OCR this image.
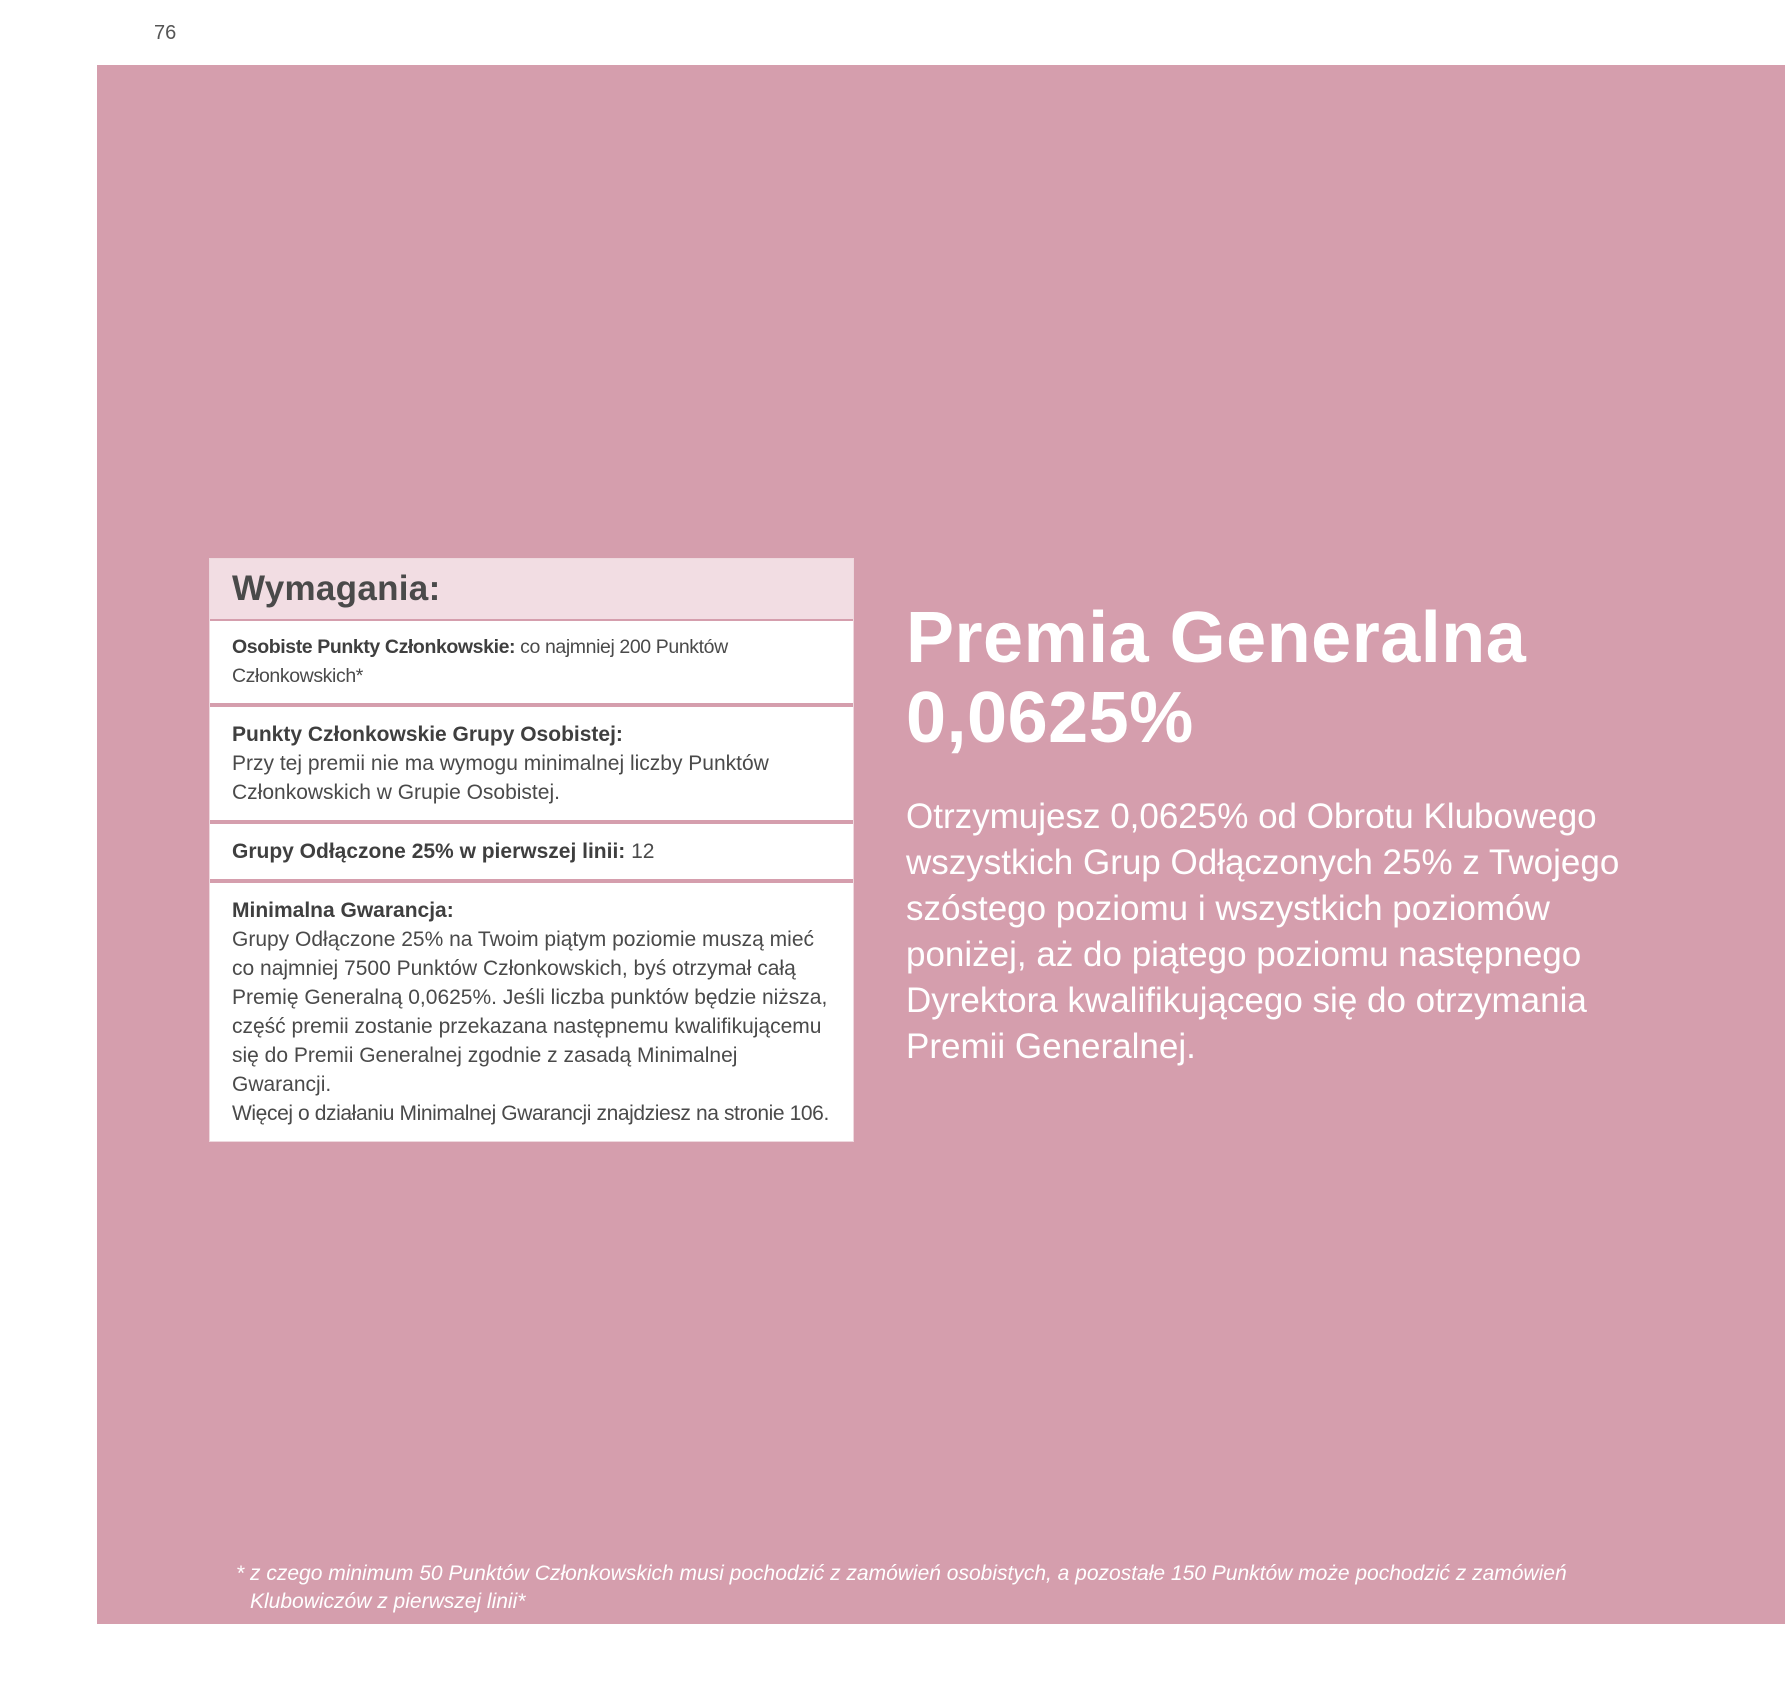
76
Wymagania:
Osobiste Punkty Członkowskie: co najmniej 200 Punktów Członkowskich*
Punkty Członkowskie Grupy Osobistej:
Przy tej premii nie ma wymogu minimalnej liczby Punktów Członkowskich w Grupie Osobistej.
Grupy Odłączone 25% w pierwszej linii: 12
Minimalna Gwarancja:
Grupy Odłączone 25% na Twoim piątym poziomie muszą mieć co najmniej 7500 Punktów Członkowskich, byś otrzymał całą Premię Generalną 0,0625%. Jeśli liczba punktów będzie niższa, część premii zostanie przekazana następnemu kwalifikującemu się do Premii Generalnej zgodnie z zasadą Minimalnej Gwarancji.
Więcej o działaniu Minimalnej Gwarancji znajdziesz na stronie 106.
Premia Generalna
0,0625%

Otrzymujesz 0,0625% od Obrotu Klubowego wszystkich Grup Odłączonych 25% z Twojego szóstego poziomu i wszystkich poziomów poniżej, aż do piątego poziomu następnego Dyrektora kwalifikującego się do otrzymania Premii Generalnej.

* z czego minimum 50 Punktów Członkowskich musi pochodzić z zamówień osobistych, a pozostałe 150 Punktów może pochodzić z zamówień Klubowiczów z pierwszej linii*
